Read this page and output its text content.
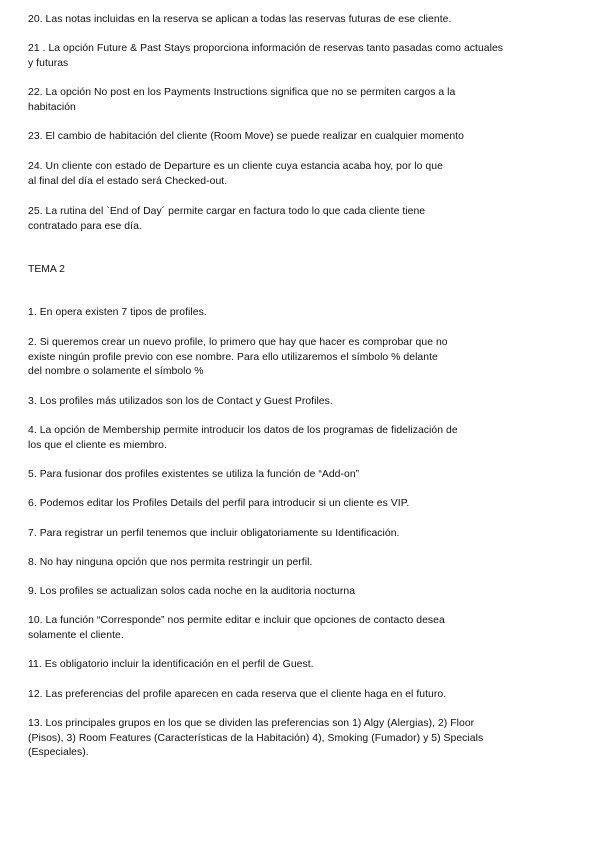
20. Las notas incluidas en la reserva se aplican a todas las reservas futuras de ese cliente.

21 . La opción Future & Past Stays proporciona información de reservas tanto pasadas como actuales
y futuras

22. La opción No post en los Payments Instructions significa que no se permiten cargos a la
habitación

23. El cambio de habitación del cliente (Room Move) se puede realizar en cualquier momento

24. Un cliente con estado de Departure es un cliente cuya estancia acaba hoy, por lo que
al final del día el estado será Checked-out.

25. La rutina del `End of Day´ permite cargar en factura todo lo que cada cliente tiene
contratado para ese día.

TEMA 2

1. En opera existen 7 tipos de profiles.

2. Si queremos crear un nuevo profile, lo primero que hay que hacer es comprobar que no
existe ningún profile previo con ese nombre. Para ello utilizaremos el símbolo % delante
del nombre o solamente el símbolo %

3. Los profiles más utilizados son los de Contact y Guest Profiles.

4. La opción de Membership permite introducir los datos de los programas de fidelización de
los que el cliente es miembro.

5. Para fusionar dos profiles existentes se utiliza la función de “Add-on”

6. Podemos editar los Profiles Details del perfil para introducir si un cliente es VIP.

7. Para registrar un perfil tenemos que incluir obligatoriamente su Identificación.

8. No hay ninguna opción que nos permita restringir un perfil.

9. Los profiles se actualizan solos cada noche en la auditoria nocturna

10. La función “Corresponde” nos permite editar e incluir que opciones de contacto desea
solamente el cliente.

11. Es obligatorio incluir la identificación en el perfil de Guest.

12. Las preferencias del profile aparecen en cada reserva que el cliente haga en el futuro.

13. Los principales grupos en los que se dividen las preferencias son 1) Algy (Alergias), 2) Floor
(Pisos), 3) Room Features (Características de la Habitación) 4), Smoking (Fumador) y 5) Specials
(Especiales).
